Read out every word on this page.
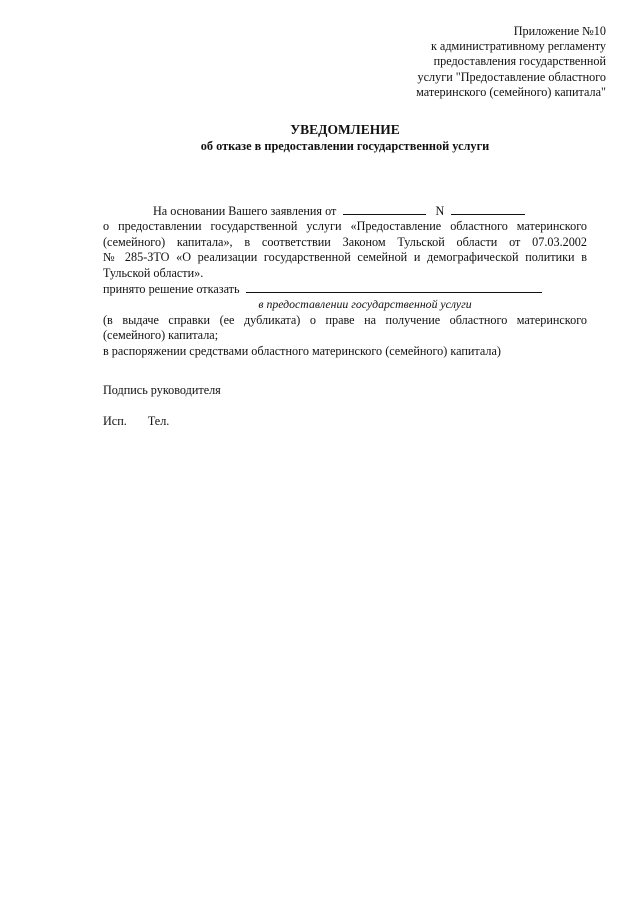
Приложение №10
к административному регламенту
предоставления государственной
услуги "Предоставление областного
материнского (семейного) капитала"
УВЕДОМЛЕНИЕ
об отказе в предоставлении государственной услуги
На основании Вашего заявления от	N
о предоставлении государственной услуги «Предоставление областного материнского
(семейного) капитала», в соответствии Законом Тульской области от 07.03.2002
№ 285-ЗТО «О реализации государственной семейной и демографической политики в
Тульской области».
принято решение отказать
в предоставлении государственной услуги
(в выдаче справки (ее дубликата) о праве на получение областного материнского
(семейного) капитала;
в распоряжении средствами областного материнского (семейного) капитала)
Подпись руководителя
Исп. Тел.
